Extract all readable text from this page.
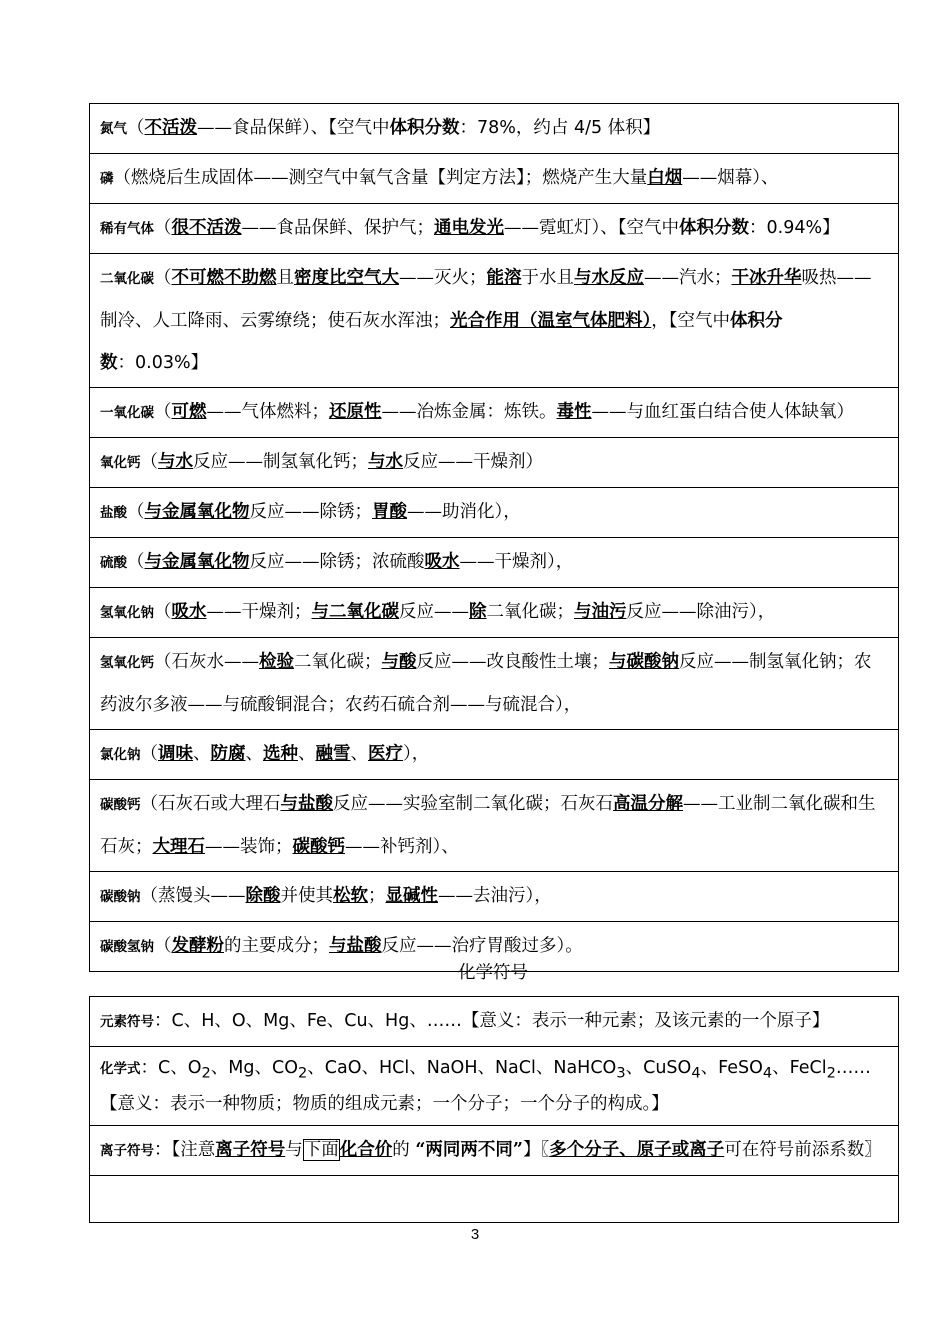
氮气（不活泼——食品保鲜）、【空气中体积分数：78%，约占 4/5 体积】
磷（燃烧后生成固体——测空气中氧气含量【判定方法】；燃烧产生大量白烟——烟幕）、
稀有气体（很不活泼——食品保鲜、保护气；通电发光——霓虹灯）、【空气中体积分数：0.94%】
二氧化碳（不可燃不助燃且密度比空气大——灭火；能溶于水且与水反应——汽水；干冰升华吸热——制冷、人工降雨、云雾缭绕；使石灰水浑浊；光合作用（温室气体肥料），【空气中体积分数：0.03%】
一氧化碳（可燃——气体燃料；还原性——冶炼金属：炼铁。毒性——与血红蛋白结合使人体缺氧）
氧化钙（与水反应——制氢氧化钙；与水反应——干燥剂）
盐酸（与金属氧化物反应——除锈；胃酸——助消化），
硫酸（与金属氧化物反应——除锈；浓硫酸吸水——干燥剂），
氢氧化钠（吸水——干燥剂；与二氧化碳反应——除二氧化碳；与油污反应——除油污），
氢氧化钙（石灰水——检验二氧化碳；与酸反应——改良酸性土壤；与碳酸钠反应——制氢氧化钠；农药波尔多液——与硫酸铜混合；农药石硫合剂——与硫混合），
氯化钠（调味、防腐、选种、融雪、医疗），
碳酸钙（石灰石或大理石与盐酸反应——实验室制二氧化碳；石灰石高温分解——工业制二氧化碳和生石灰；大理石——装饰；碳酸钙——补钙剂）、
碳酸钠（蒸馒头——除酸并使其松软；显碱性——去油污），
碳酸氢钠（发酵粉的主要成分；与盐酸反应——治疗胃酸过多）。
化学符号
元素符号：C、H、O、Mg、Fe、Cu、Hg、……【意义：表示一种元素；及该元素的一个原子】
化学式：C、$O_2$、Mg、$CO_2$、CaO、HCl、NaOH、NaCl、NaHCO$_3$、CuSO$_4$、FeSO$_4$、FeCl$_2$……【意义：表示一种物质；物质的组成元素；一个分子；一个分子的构成。】
离子符号：【注意离子符号与下面化合价的 “两同两不同”】〖多个分子、原子或离子可在符号前添系数〗
3
